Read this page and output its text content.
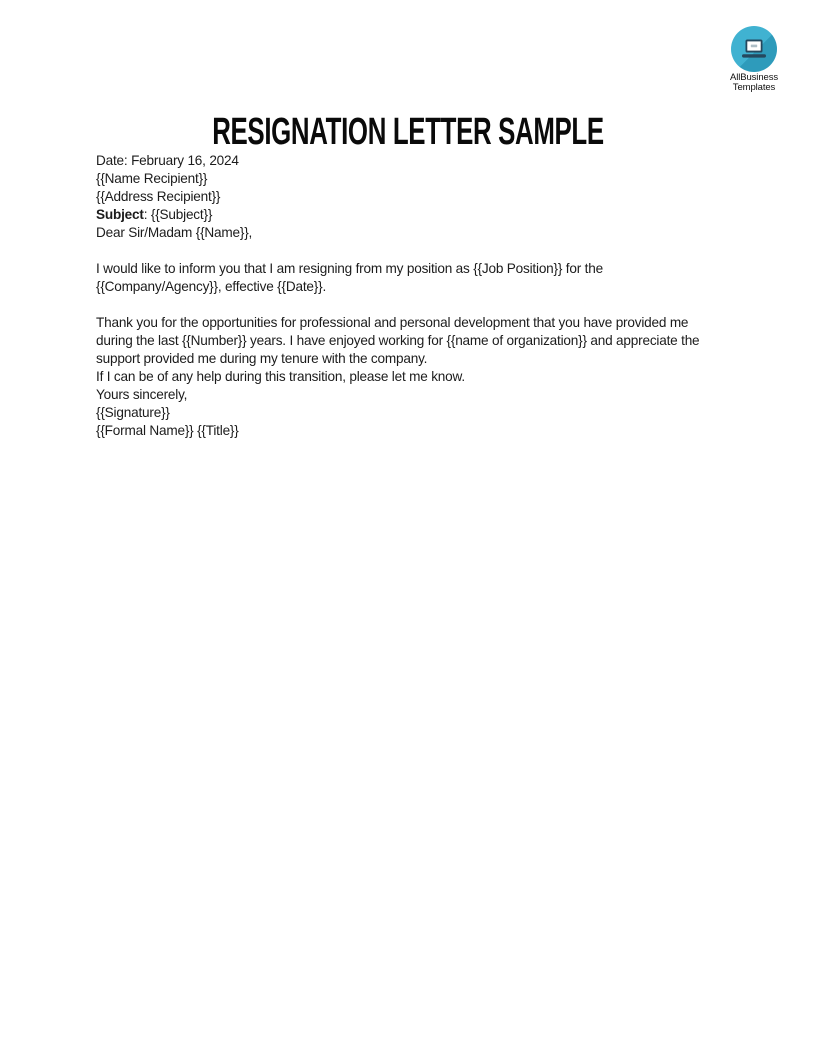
AllBusiness
Templates
RESIGNATION LETTER SAMPLE

Date: February 16, 2024

{{Name Recipient}}

{{Address Recipient}}

Subject: {{Subject}}

Dear Sir/Madam {{Name}},

I would like to inform you that I am resigning from my position as {{Job Position}} for the

{{Company/Agency}}, effective {{Date}}.

Thank you for the opportunities for professional and personal development that you have provided me

during the last {{Number}} years. I have enjoyed working for {{name of organization}} and appreciate the

support provided me during my tenure with the company.

If I can be of any help during this transition, please let me know.

Yours sincerely,

{{Signature}}

{{Formal Name}} {{Title}}
